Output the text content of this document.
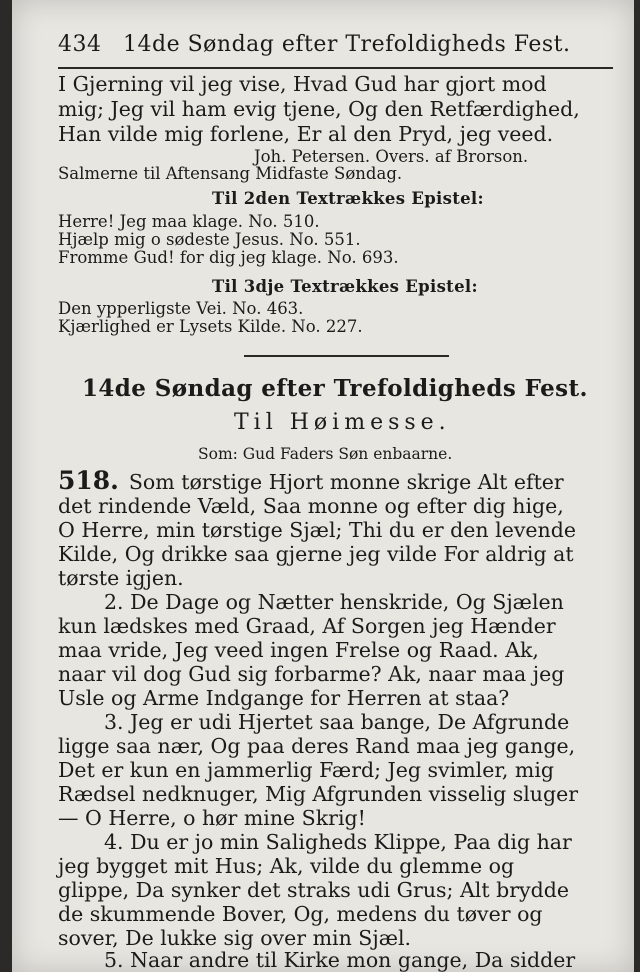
434 14de Søndag efter Trefoldigheds Fest.
I Gjerning vil jeg vise, Hvad Gud har gjort mod
mig; Jeg vil ham evig tjene, Og den Retfærdighed,
Han vilde mig forlene, Er al den Pryd, jeg veed.
Joh. Petersen. Overs. af Brorson.
Salmerne til Aftensang Midfaste Søndag.
Til 2den Textrækkes Epistel:
Herre! Jeg maa klage. No. 510.
Hjælp mig o sødeste Jesus. No. 551.
Fromme Gud! for dig jeg klage. No. 693.
Til 3dje Textrækkes Epistel:
Den ypperligste Vei. No. 463.
Kjærlighed er Lysets Kilde. No. 227.
14de Søndag efter Trefoldigheds Fest.
Til Høimesse.
Som: Gud Faders Søn enbaarne.
518. Som tørstige Hjort monne skrige Alt efter
det rindende Væld, Saa monne og efter dig hige,
O Herre, min tørstige Sjæl; Thi du er den levende
Kilde, Og drikke saa gjerne jeg vilde For aldrig at
tørste igjen.
2. De Dage og Nætter henskride, Og Sjælen
kun lædskes med Graad, Af Sorgen jeg Hænder
maa vride, Jeg veed ingen Frelse og Raad. Ak,
naar vil dog Gud sig forbarme? Ak, naar maa jeg
Usle og Arme Indgange for Herren at staa?
3. Jeg er udi Hjertet saa bange, De Afgrunde
ligge saa nær, Og paa deres Rand maa jeg gange,
Det er kun en jammerlig Færd; Jeg svimler, mig
Rædsel nedknuger, Mig Afgrunden visselig sluger
— O Herre, o hør mine Skrig!
4. Du er jo min Saligheds Klippe, Paa dig har
jeg bygget mit Hus; Ak, vilde du glemme og
glippe, Da synker det straks udi Grus; Alt brydde
de skummende Bover, Og, medens du tøver og
sover, De lukke sig over min Sjæl.
5. Naar andre til Kirke mon gange, Da sidder
